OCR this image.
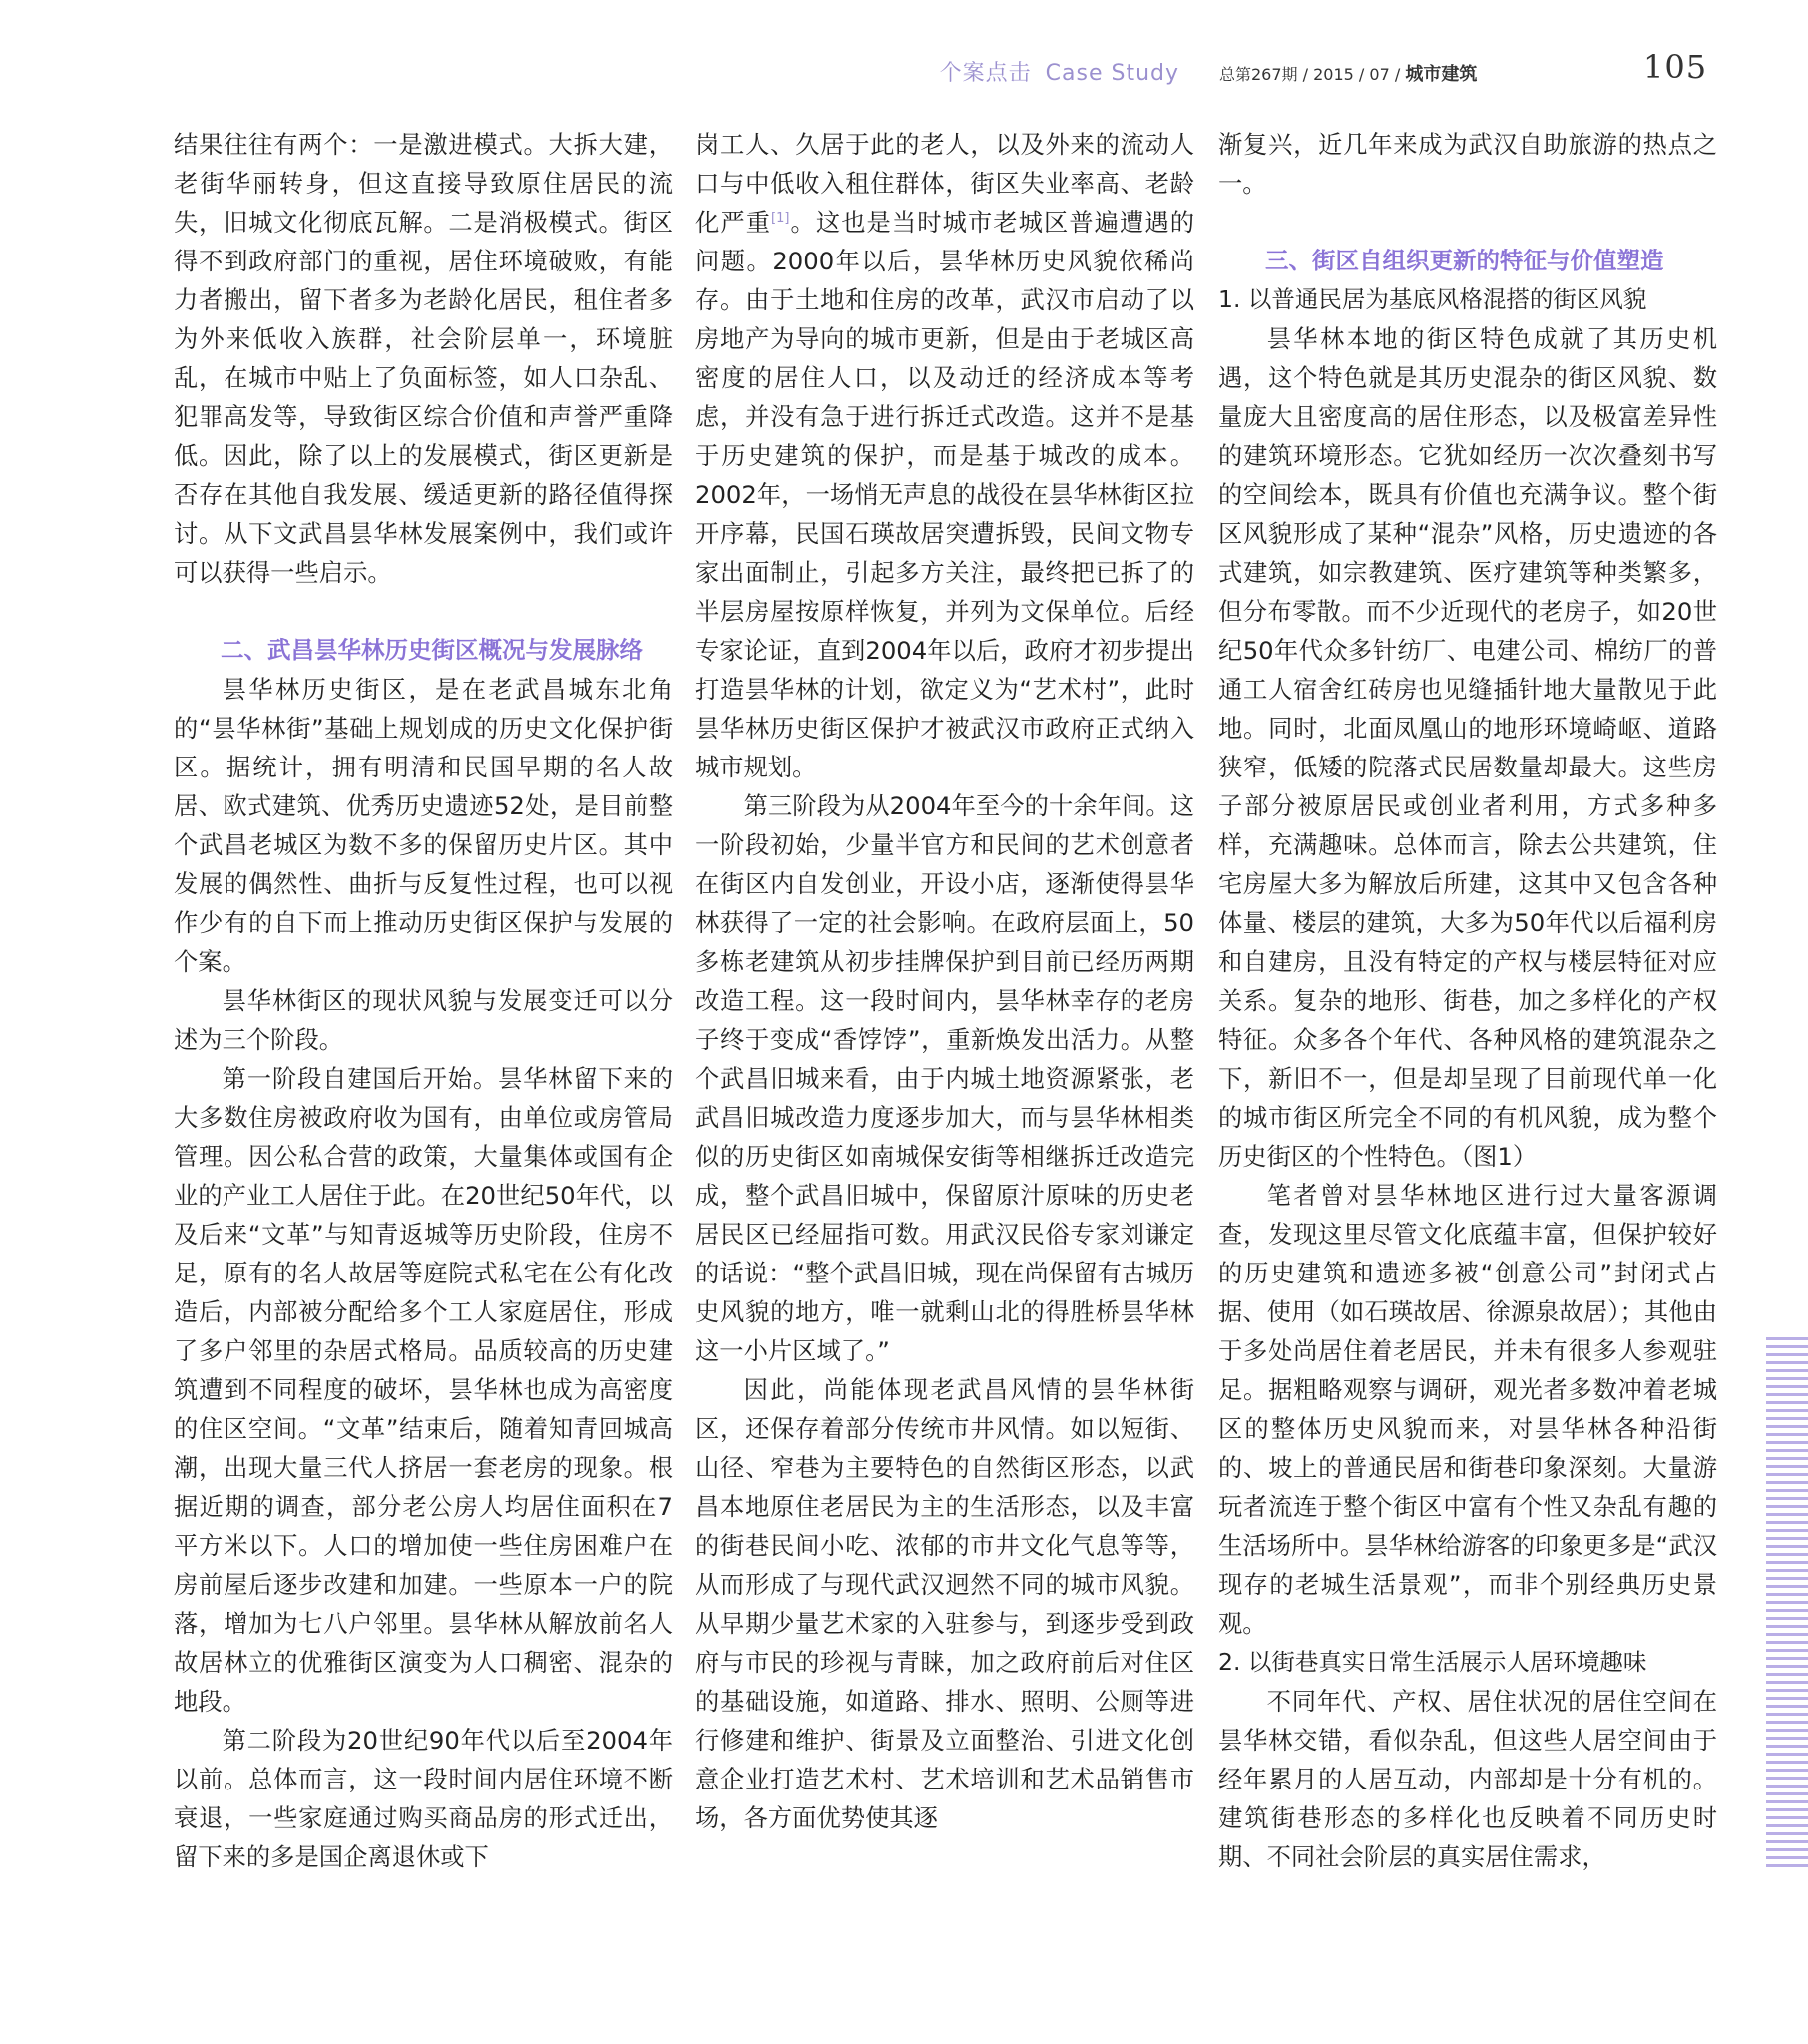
个案点击 Case Study	总第267期 / 2015 / 07 / 城市建筑	105

结果往往有两个：一是激进模式。大拆大建，老街华丽转身，但这直接导致原住居民的流失，旧城文化彻底瓦解。二是消极模式。街区得不到政府部门的重视，居住环境破败，有能力者搬出，留下者多为老龄化居民，租住者多为外来低收入族群，社会阶层单一，环境脏乱，在城市中贴上了负面标签，如人口杂乱、犯罪高发等，导致街区综合价值和声誉严重降低。因此，除了以上的发展模式，街区更新是否存在其他自我发展、缓适更新的路径值得探讨。从下文武昌昙华林发展案例中，我们或许可以获得一些启示。

二、武昌昙华林历史街区概况与发展脉络

昙华林历史街区，是在老武昌城东北角的“昙华林街”基础上规划成的历史文化保护街区。据统计，拥有明清和民国早期的名人故居、欧式建筑、优秀历史遗迹52处，是目前整个武昌老城区为数不多的保留历史片区。其中发展的偶然性、曲折与反复性过程，也可以视作少有的自下而上推动历史街区保护与发展的个案。

昙华林街区的现状风貌与发展变迁可以分述为三个阶段。

第一阶段自建国后开始。昙华林留下来的大多数住房被政府收为国有，由单位或房管局管理。因公私合营的政策，大量集体或国有企业的产业工人居住于此。在20世纪50年代，以及后来“文革”与知青返城等历史阶段，住房不足，原有的名人故居等庭院式私宅在公有化改造后，内部被分配给多个工人家庭居住，形成了多户邻里的杂居式格局。品质较高的历史建筑遭到不同程度的破坏，昙华林也成为高密度的住区空间。“文革”结束后，随着知青回城高潮，出现大量三代人挤居一套老房的现象。根据近期的调查，部分老公房人均居住面积在7平方米以下。人口的增加使一些住房困难户在房前屋后逐步改建和加建。一些原本一户的院落，增加为七八户邻里。昙华林从解放前名人故居林立的优雅街区演变为人口稠密、混杂的地段。

第二阶段为20世纪90年代以后至2004年以前。总体而言，这一段时间内居住环境不断衰退，一些家庭通过购买商品房的形式迁出，留下来的多是国企离退休或下

岗工人、久居于此的老人，以及外来的流动人口与中低收入租住群体，街区失业率高、老龄化严重[1]。这也是当时城市老城区普遍遭遇的问题。2000年以后，昙华林历史风貌依稀尚存。由于土地和住房的改革，武汉市启动了以房地产为导向的城市更新，但是由于老城区高密度的居住人口，以及动迁的经济成本等考虑，并没有急于进行拆迁式改造。这并不是基于历史建筑的保护，而是基于城改的成本。2002年，一场悄无声息的战役在昙华林街区拉开序幕，民国石瑛故居突遭拆毁，民间文物专家出面制止，引起多方关注，最终把已拆了的半层房屋按原样恢复，并列为文保单位。后经专家论证，直到2004年以后，政府才初步提出打造昙华林的计划，欲定义为“艺术村”，此时昙华林历史街区保护才被武汉市政府正式纳入城市规划。

第三阶段为从2004年至今的十余年间。这一阶段初始，少量半官方和民间的艺术创意者在街区内自发创业，开设小店，逐渐使得昙华林获得了一定的社会影响。在政府层面上，50多栋老建筑从初步挂牌保护到目前已经历两期改造工程。这一段时间内，昙华林幸存的老房子终于变成“香饽饽”，重新焕发出活力。从整个武昌旧城来看，由于内城土地资源紧张，老武昌旧城改造力度逐步加大，而与昙华林相类似的历史街区如南城保安街等相继拆迁改造完成，整个武昌旧城中，保留原汁原味的历史老居民区已经屈指可数。用武汉民俗专家刘谦定的话说：“整个武昌旧城，现在尚保留有古城历史风貌的地方，唯一就剩山北的得胜桥昙华林这一小片区域了。”

因此，尚能体现老武昌风情的昙华林街区，还保存着部分传统市井风情。如以短街、山径、窄巷为主要特色的自然街区形态，以武昌本地原住老居民为主的生活形态，以及丰富的街巷民间小吃、浓郁的市井文化气息等等，从而形成了与现代武汉迥然不同的城市风貌。从早期少量艺术家的入驻参与，到逐步受到政府与市民的珍视与青睐，加之政府前后对住区的基础设施，如道路、排水、照明、公厕等进行修建和维护、街景及立面整治、引进文化创意企业打造艺术村、艺术培训和艺术品销售市场，各方面优势使其逐

渐复兴，近几年来成为武汉自助旅游的热点之一。

三、街区自组织更新的特征与价值塑造

1. 以普通民居为基底风格混搭的街区风貌

昙华林本地的街区特色成就了其历史机遇，这个特色就是其历史混杂的街区风貌、数量庞大且密度高的居住形态，以及极富差异性的建筑环境形态。它犹如经历一次次叠刻书写的空间绘本，既具有价值也充满争议。整个街区风貌形成了某种“混杂”风格，历史遗迹的各式建筑，如宗教建筑、医疗建筑等种类繁多，但分布零散。而不少近现代的老房子，如20世纪50年代众多针纺厂、电建公司、棉纺厂的普通工人宿舍红砖房也见缝插针地大量散见于此地。同时，北面凤凰山的地形环境崎岖、道路狭窄，低矮的院落式民居数量却最大。这些房子部分被原居民或创业者利用，方式多种多样，充满趣味。总体而言，除去公共建筑，住宅房屋大多为解放后所建，这其中又包含各种体量、楼层的建筑，大多为50年代以后福利房和自建房，且没有特定的产权与楼层特征对应关系。复杂的地形、街巷，加之多样化的产权特征。众多各个年代、各种风格的建筑混杂之下，新旧不一，但是却呈现了目前现代单一化的城市街区所完全不同的有机风貌，成为整个历史街区的个性特色。（图1）

笔者曾对昙华林地区进行过大量客源调查，发现这里尽管文化底蕴丰富，但保护较好的历史建筑和遗迹多被“创意公司”封闭式占据、使用（如石瑛故居、徐源泉故居）；其他由于多处尚居住着老居民，并未有很多人参观驻足。据粗略观察与调研，观光者多数冲着老城区的整体历史风貌而来，对昙华林各种沿街的、坡上的普通民居和街巷印象深刻。大量游玩者流连于整个街区中富有个性又杂乱有趣的生活场所中。昙华林给游客的印象更多是“武汉现存的老城生活景观”，而非个别经典历史景观。

2. 以街巷真实日常生活展示人居环境趣味

不同年代、产权、居住状况的居住空间在昙华林交错，看似杂乱，但这些人居空间由于经年累月的人居互动，内部却是十分有机的。建筑街巷形态的多样化也反映着不同历史时期、不同社会阶层的真实居住需求，
